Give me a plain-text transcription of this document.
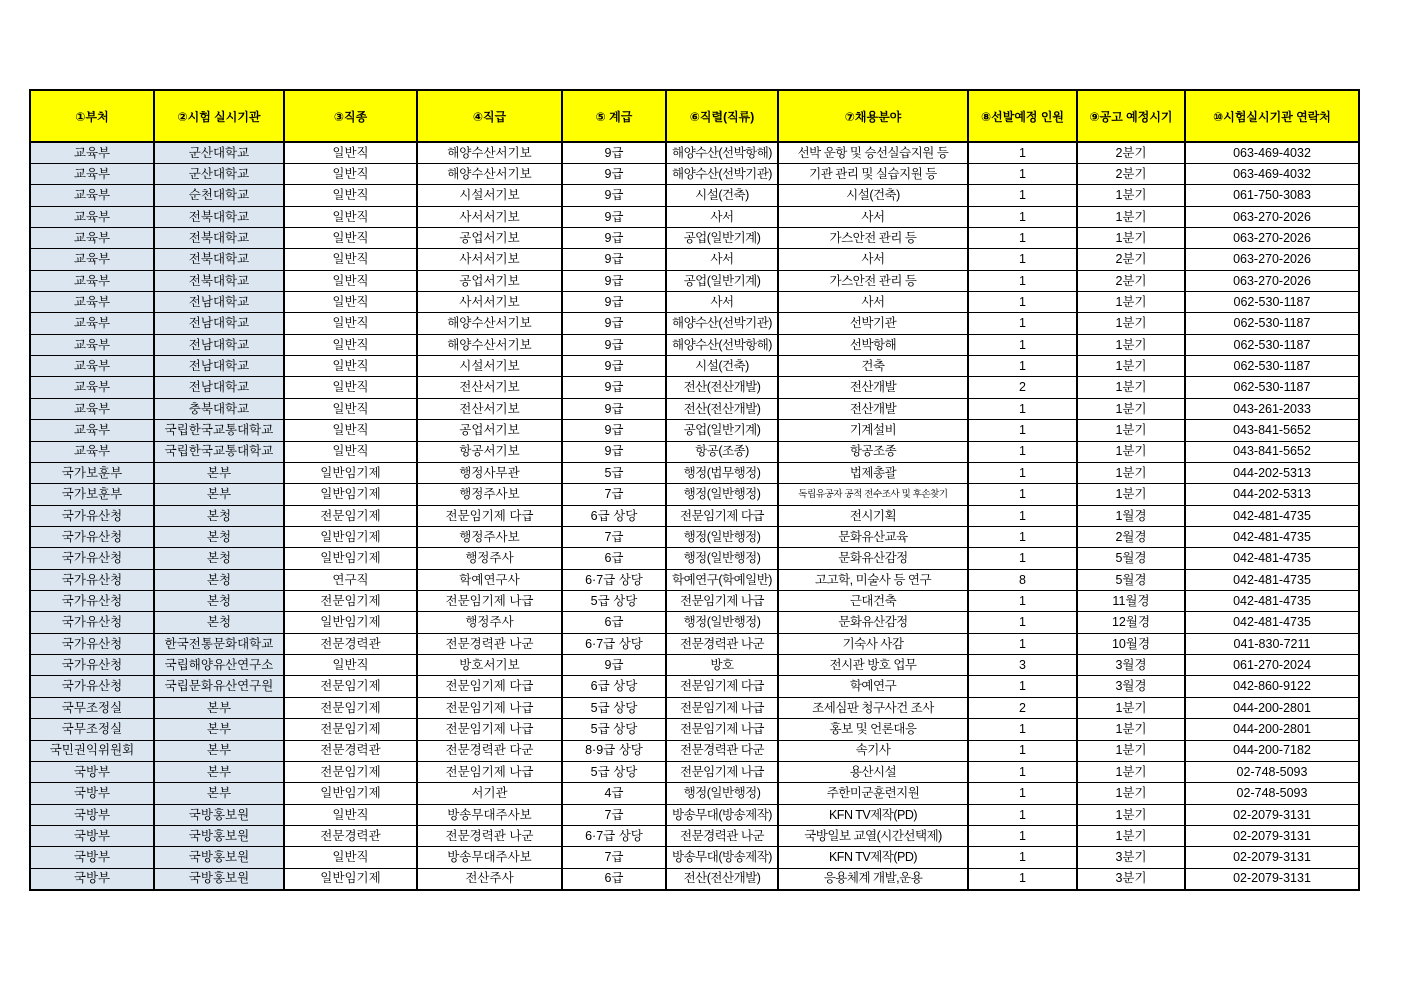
①부처	②시험 실시기관	③직종	④직급	⑤ 계급	⑥직렬(직류)	⑦채용분야	⑧선발예정 인원	⑨공고 예정시기	⑩시험실시기관 연락처
교육부	군산대학교	일반직	해양수산서기보	9급	해양수산(선박항해)	선박 운항 및 승선실습지원 등	1	2분기	063-469-4032
교육부	군산대학교	일반직	해양수산서기보	9급	해양수산(선박기관)	기관 관리 및 실습지원 등	1	2분기	063-469-4032
교육부	순천대학교	일반직	시설서기보	9급	시설(건축)	시설(건축)	1	1분기	061-750-3083
교육부	전북대학교	일반직	사서서기보	9급	사서	사서	1	1분기	063-270-2026
교육부	전북대학교	일반직	공업서기보	9급	공업(일반기계)	가스안전 관리 등	1	1분기	063-270-2026
교육부	전북대학교	일반직	사서서기보	9급	사서	사서	1	2분기	063-270-2026
교육부	전북대학교	일반직	공업서기보	9급	공업(일반기계)	가스안전 관리 등	1	2분기	063-270-2026
교육부	전남대학교	일반직	사서서기보	9급	사서	사서	1	1분기	062-530-1187
교육부	전남대학교	일반직	해양수산서기보	9급	해양수산(선박기관)	선박기관	1	1분기	062-530-1187
교육부	전남대학교	일반직	해양수산서기보	9급	해양수산(선박항해)	선박항해	1	1분기	062-530-1187
교육부	전남대학교	일반직	시설서기보	9급	시설(건축)	건축	1	1분기	062-530-1187
교육부	전남대학교	일반직	전산서기보	9급	전산(전산개발)	전산개발	2	1분기	062-530-1187
교육부	충북대학교	일반직	전산서기보	9급	전산(전산개발)	전산개발	1	1분기	043-261-2033
교육부	국립한국교통대학교	일반직	공업서기보	9급	공업(일반기계)	기계설비	1	1분기	043-841-5652
교육부	국립한국교통대학교	일반직	항공서기보	9급	항공(조종)	항공조종	1	1분기	043-841-5652
국가보훈부	본부	일반임기제	행정사무관	5급	행정(법무행정)	법제총괄	1	1분기	044-202-5313
국가보훈부	본부	일반임기제	행정주사보	7급	행정(일반행정)	독립유공자 공적 전수조사 및 후손찾기	1	1분기	044-202-5313
국가유산청	본청	전문임기제	전문임기제 다급	6급 상당	전문임기제 다급	전시기획	1	1월경	042-481-4735
국가유산청	본청	일반임기제	행정주사보	7급	행정(일반행정)	문화유산교육	1	2월경	042-481-4735
국가유산청	본청	일반임기제	행정주사	6급	행정(일반행정)	문화유산감정	1	5월경	042-481-4735
국가유산청	본청	연구직	학예연구사	6·7급 상당	학예연구(학예일반)	고고학, 미술사 등 연구	8	5월경	042-481-4735
국가유산청	본청	전문임기제	전문임기제 나급	5급 상당	전문임기제 나급	근대건축	1	11월경	042-481-4735
국가유산청	본청	일반임기제	행정주사	6급	행정(일반행정)	문화유산감정	1	12월경	042-481-4735
국가유산청	한국전통문화대학교	전문경력관	전문경력관 나군	6·7급 상당	전문경력관 나군	기숙사 사감	1	10월경	041-830-7211
국가유산청	국립해양유산연구소	일반직	방호서기보	9급	방호	전시관 방호 업무	3	3월경	061-270-2024
국가유산청	국립문화유산연구원	전문임기제	전문임기제 다급	6급 상당	전문임기제 다급	학예연구	1	3월경	042-860-9122
국무조정실	본부	전문임기제	전문임기제 나급	5급 상당	전문임기제 나급	조세심판 청구사건 조사	2	1분기	044-200-2801
국무조정실	본부	전문임기제	전문임기제 나급	5급 상당	전문임기제 나급	홍보 및 언론대응	1	1분기	044-200-2801
국민권익위원회	본부	전문경력관	전문경력관 다군	8·9급 상당	전문경력관 다군	속기사	1	1분기	044-200-7182
국방부	본부	전문임기제	전문임기제 나급	5급 상당	전문임기제 나급	용산시설	1	1분기	02-748-5093
국방부	본부	일반임기제	서기관	4급	행정(일반행정)	주한미군훈련지원	1	1분기	02-748-5093
국방부	국방홍보원	일반직	방송무대주사보	7급	방송무대(방송제작)	KFN TV제작(PD)	1	1분기	02-2079-3131
국방부	국방홍보원	전문경력관	전문경력관 나군	6·7급 상당	전문경력관 나군	국방일보 교열(시간선택제)	1	1분기	02-2079-3131
국방부	국방홍보원	일반직	방송무대주사보	7급	방송무대(방송제작)	KFN TV제작(PD)	1	3분기	02-2079-3131
국방부	국방홍보원	일반임기제	전산주사	6급	전산(전산개발)	응용체계 개발,운용	1	3분기	02-2079-3131
